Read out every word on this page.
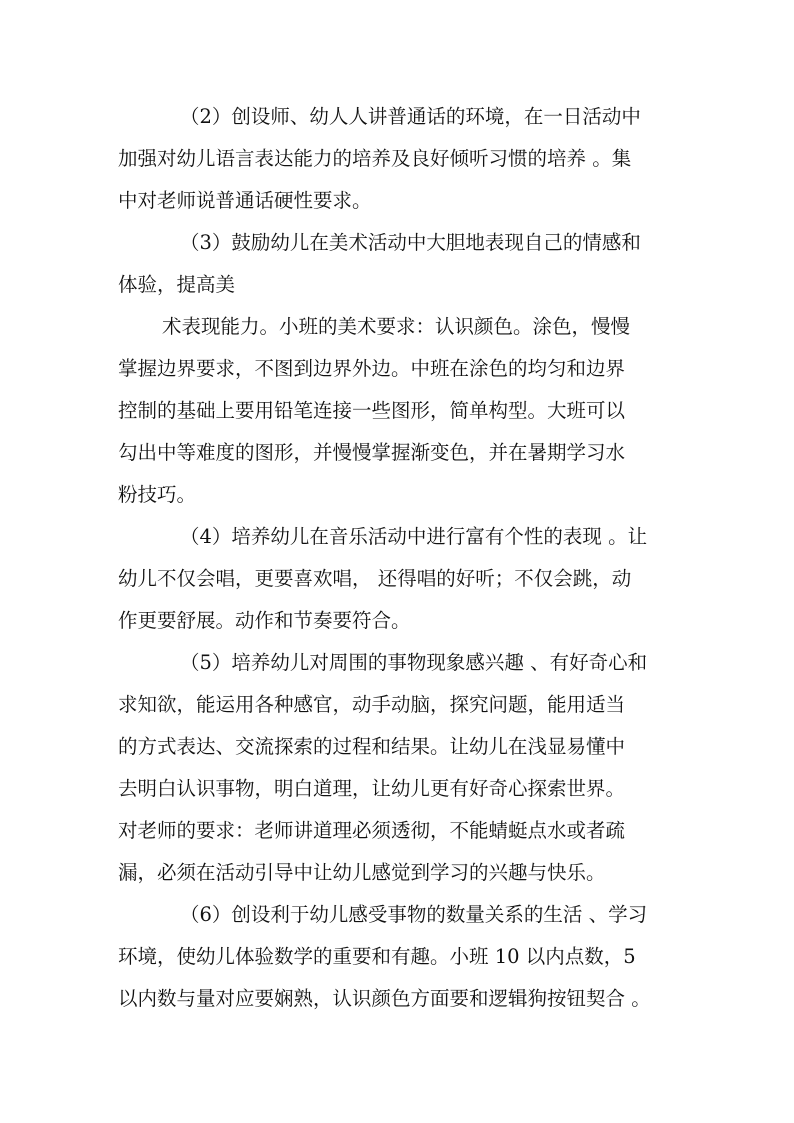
（2）创设师、幼人人讲普通话的环境，在一日活动中
加强对幼儿语言表达能力的培养及良好倾听习惯的培养 。集
中对老师说普通话硬性要求。
（3）鼓励幼儿在美术活动中大胆地表现自己的情感和
体验，提高美
术表现能力。小班的美术要求：认识颜色。涂色，慢慢
掌握边界要求，不图到边界外边。中班在涂色的均匀和边界
控制的基础上要用铅笔连接一些图形，简单构型。大班可以
勾出中等难度的图形，并慢慢掌握渐变色，并在暑期学习水
粉技巧。
（4）培养幼儿在音乐活动中进行富有个性的表现 。让
幼儿不仅会唱，更要喜欢唱， 还得唱的好听；不仅会跳，动
作更要舒展。动作和节奏要符合。
（5）培养幼儿对周围的事物现象感兴趣 、有好奇心和
求知欲，能运用各种感官，动手动脑，探究问题，能用适当
的方式表达、交流探索的过程和结果。让幼儿在浅显易懂中
去明白认识事物，明白道理，让幼儿更有好奇心探索世界。
对老师的要求：老师讲道理必须透彻，不能蜻蜓点水或者疏
漏，必须在活动引导中让幼儿感觉到学习的兴趣与快乐。
（6）创设利于幼儿感受事物的数量关系的生活 、学习
环境，使幼儿体验数学的重要和有趣。小班 10 以内点数，5
以内数与量对应要娴熟，认识颜色方面要和逻辑狗按钮契合 。
